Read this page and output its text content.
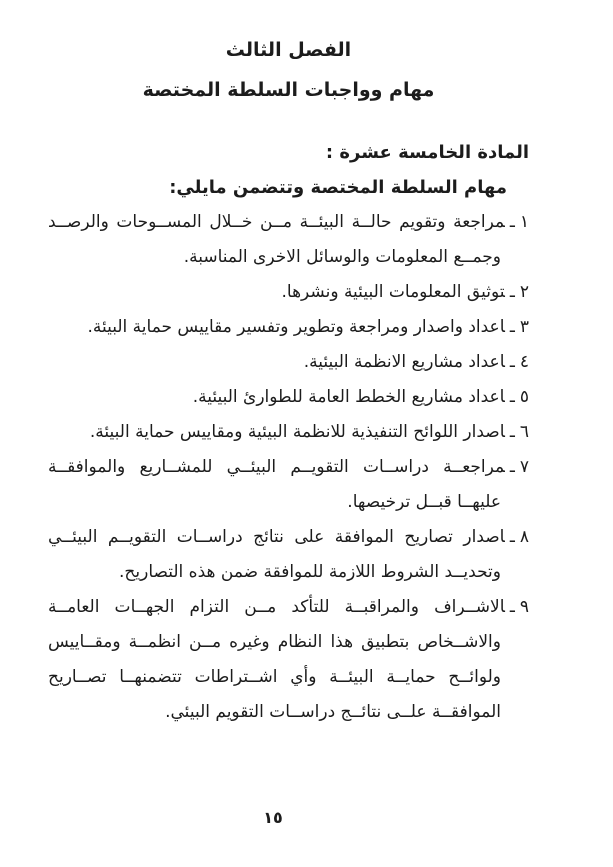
الفصل الثالث
مهام وواجبات السلطة المختصة

المادة الخامسة عشرة :

مهام السلطة المختصة وتتضمن مايلي:

١ـمراجعة وتقويم حالــة البيئــة مــن خــلال المســوحات والرصــد وجمــع المعلومات والوسائل الاخرى المناسبة.
٢ـتوثيق المعلومات البيئية ونشرها.
٣ـاعداد واصدار ومراجعة وتطوير وتفسير مقاييس حماية البيئة.
٤ـاعداد مشاريع الانظمة البيئية.
٥ـاعداد مشاريع الخطط العامة للطوارئ البيئية.
٦ـاصدار اللوائح التنفيذية للانظمة البيئية ومقاييس حماية البيئة.
٧ـمراجعــة دراســات التقويــم البيئــي للمشــاريع والموافقــة عليهــا قبــل ترخيصها.
٨ـاصدار تصاريح الموافقة على نتائج دراســات التقويــم البيئــي وتحديــد الشروط اللازمة للموافقة ضمن هذه التصاريح.
٩ـالاشــراف والمراقبــة للتأكد مــن التزام الجهــات العامــة والاشــخاص بتطبيق هذا النظام وغيره مــن انظمــة ومقــاييس ولوائــح حمايــة البيئــة وأي اشــتراطات تتضمنهــا تصــاريح الموافقــة علــى نتائــج دراســات التقويم البيئي.
١٥
